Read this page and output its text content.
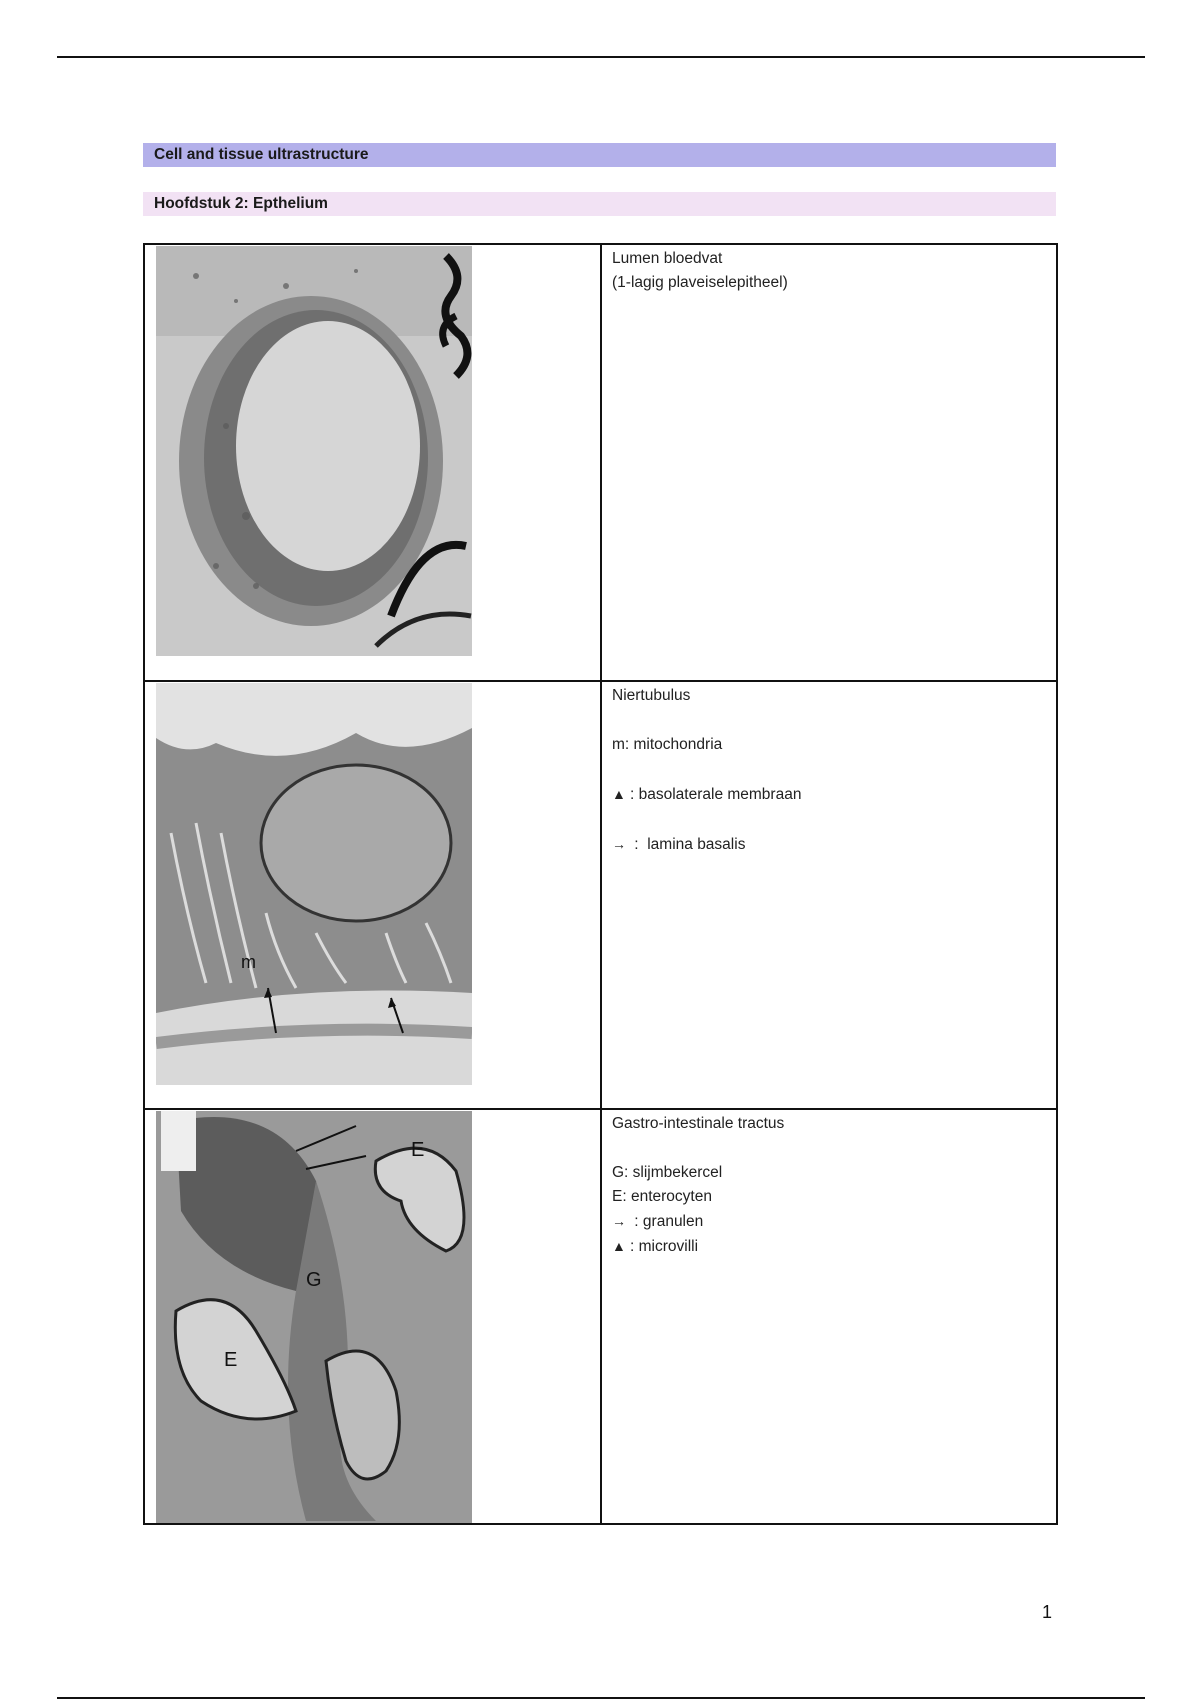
Cell and tissue ultrastructure
Hoofdstuk 2: Epthelium
Lumen bloedvat
(1-lagig plaveiselepitheel)
m
Niertubulus
m: mitochondria
▲ : basolaterale membraan
→ :  lamina basalis
E
G
E
Gastro-intestinale tractus
G: slijmbekercel
E: enterocyten
→ : granulen
▲ : microvilli
1
